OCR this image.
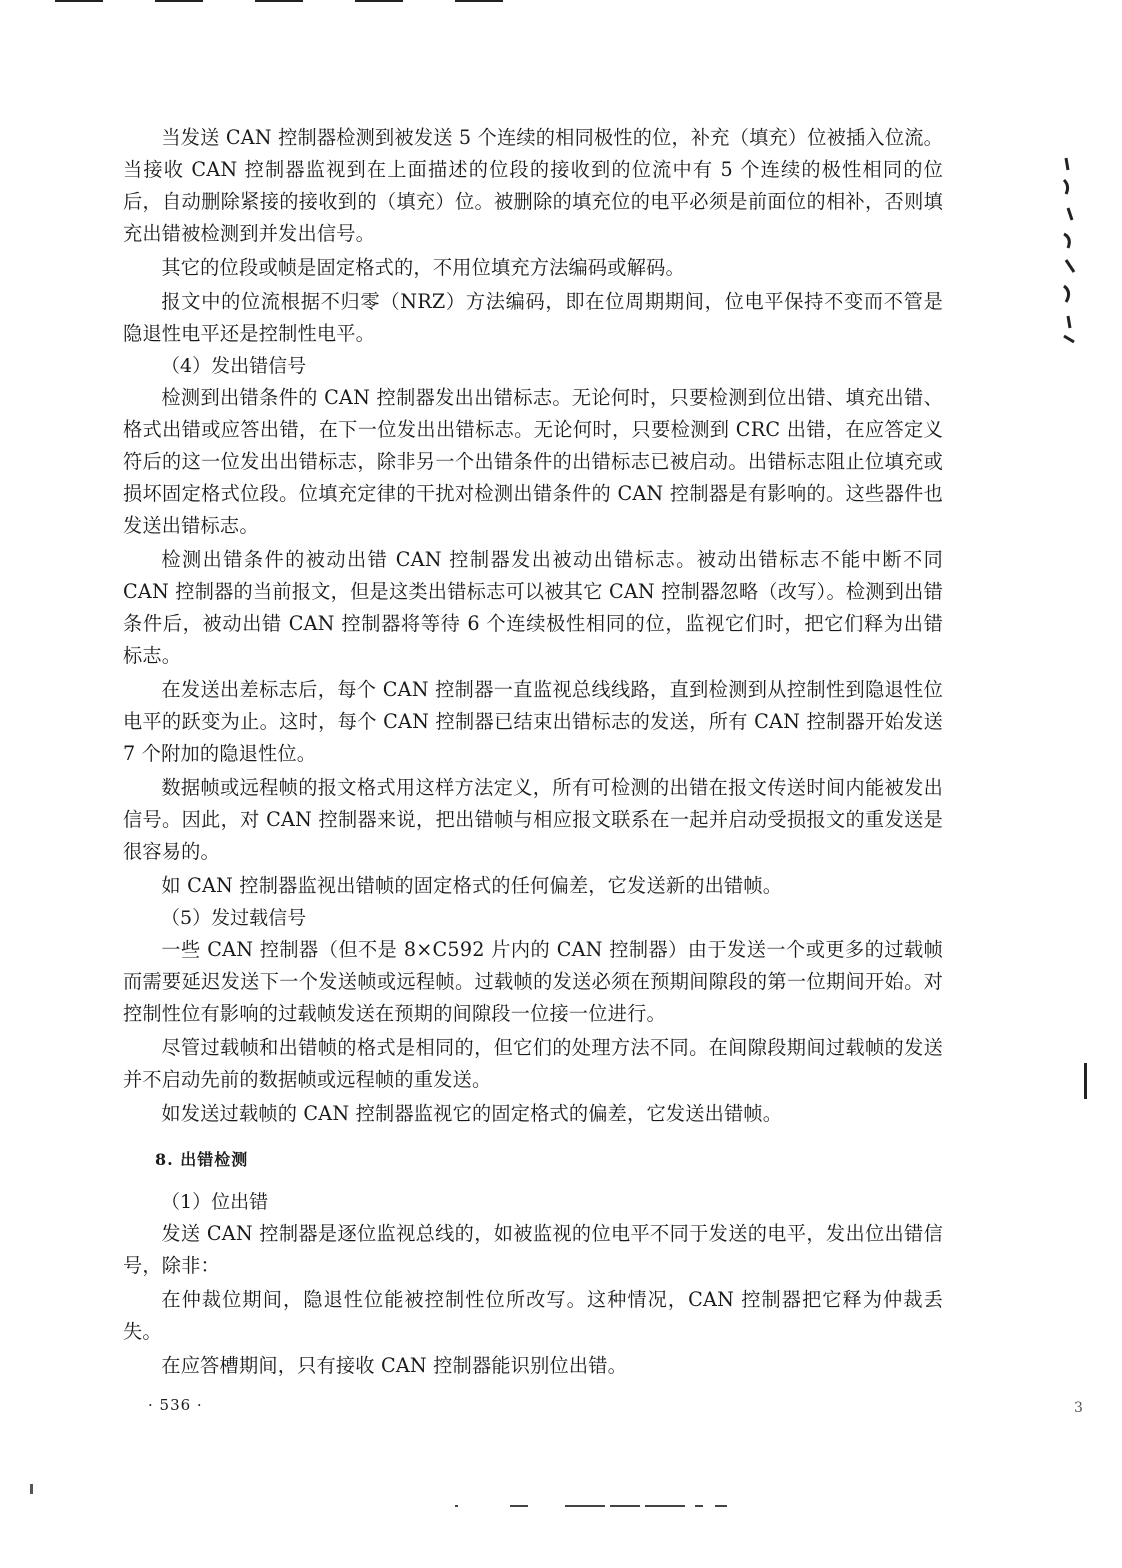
当发送 CAN 控制器检测到被发送 5 个连续的相同极性的位，补充（填充）位被插入位流。当接收 CAN 控制器监视到在上面描述的位段的接收到的位流中有 5 个连续的极性相同的位后，自动删除紧接的接收到的（填充）位。被删除的填充位的电平必须是前面位的相补，否则填充出错被检测到并发出信号。

其它的位段或帧是固定格式的，不用位填充方法编码或解码。

报文中的位流根据不归零（NRZ）方法编码，即在位周期期间，位电平保持不变而不管是隐退性电平还是控制性电平。

（4）发出错信号

检测到出错条件的 CAN 控制器发出出错标志。无论何时，只要检测到位出错、填充出错、格式出错或应答出错，在下一位发出出错标志。无论何时，只要检测到 CRC 出错，在应答定义符后的这一位发出出错标志，除非另一个出错条件的出错标志已被启动。出错标志阻止位填充或损坏固定格式位段。位填充定律的干扰对检测出错条件的 CAN 控制器是有影响的。这些器件也发送出错标志。

检测出错条件的被动出错 CAN 控制器发出被动出错标志。被动出错标志不能中断不同 CAN 控制器的当前报文，但是这类出错标志可以被其它 CAN 控制器忽略（改写）。检测到出错条件后，被动出错 CAN 控制器将等待 6 个连续极性相同的位，监视它们时，把它们释为出错标志。

在发送出差标志后，每个 CAN 控制器一直监视总线线路，直到检测到从控制性到隐退性位电平的跃变为止。这时，每个 CAN 控制器已结束出错标志的发送，所有 CAN 控制器开始发送 7 个附加的隐退性位。

数据帧或远程帧的报文格式用这样方法定义，所有可检测的出错在报文传送时间内能被发出信号。因此，对 CAN 控制器来说，把出错帧与相应报文联系在一起并启动受损报文的重发送是很容易的。

如 CAN 控制器监视出错帧的固定格式的任何偏差，它发送新的出错帧。

（5）发过载信号

一些 CAN 控制器（但不是 8×C592 片内的 CAN 控制器）由于发送一个或更多的过载帧而需要延迟发送下一个发送帧或远程帧。过载帧的发送必须在预期间隙段的第一位期间开始。对控制性位有影响的过载帧发送在预期的间隙段一位接一位进行。

尽管过载帧和出错帧的格式是相同的，但它们的处理方法不同。在间隙段期间过载帧的发送并不启动先前的数据帧或远程帧的重发送。

如发送过载帧的 CAN 控制器监视它的固定格式的偏差，它发送出错帧。

8. 出错检测

（1）位出错

发送 CAN 控制器是逐位监视总线的，如被监视的位电平不同于发送的电平，发出位出错信号，除非：

在仲裁位期间，隐退性位能被控制性位所改写。这种情况，CAN 控制器把它释为仲裁丢失。

在应答槽期间，只有接收 CAN 控制器能识别位出错。

· 536 ·	3
